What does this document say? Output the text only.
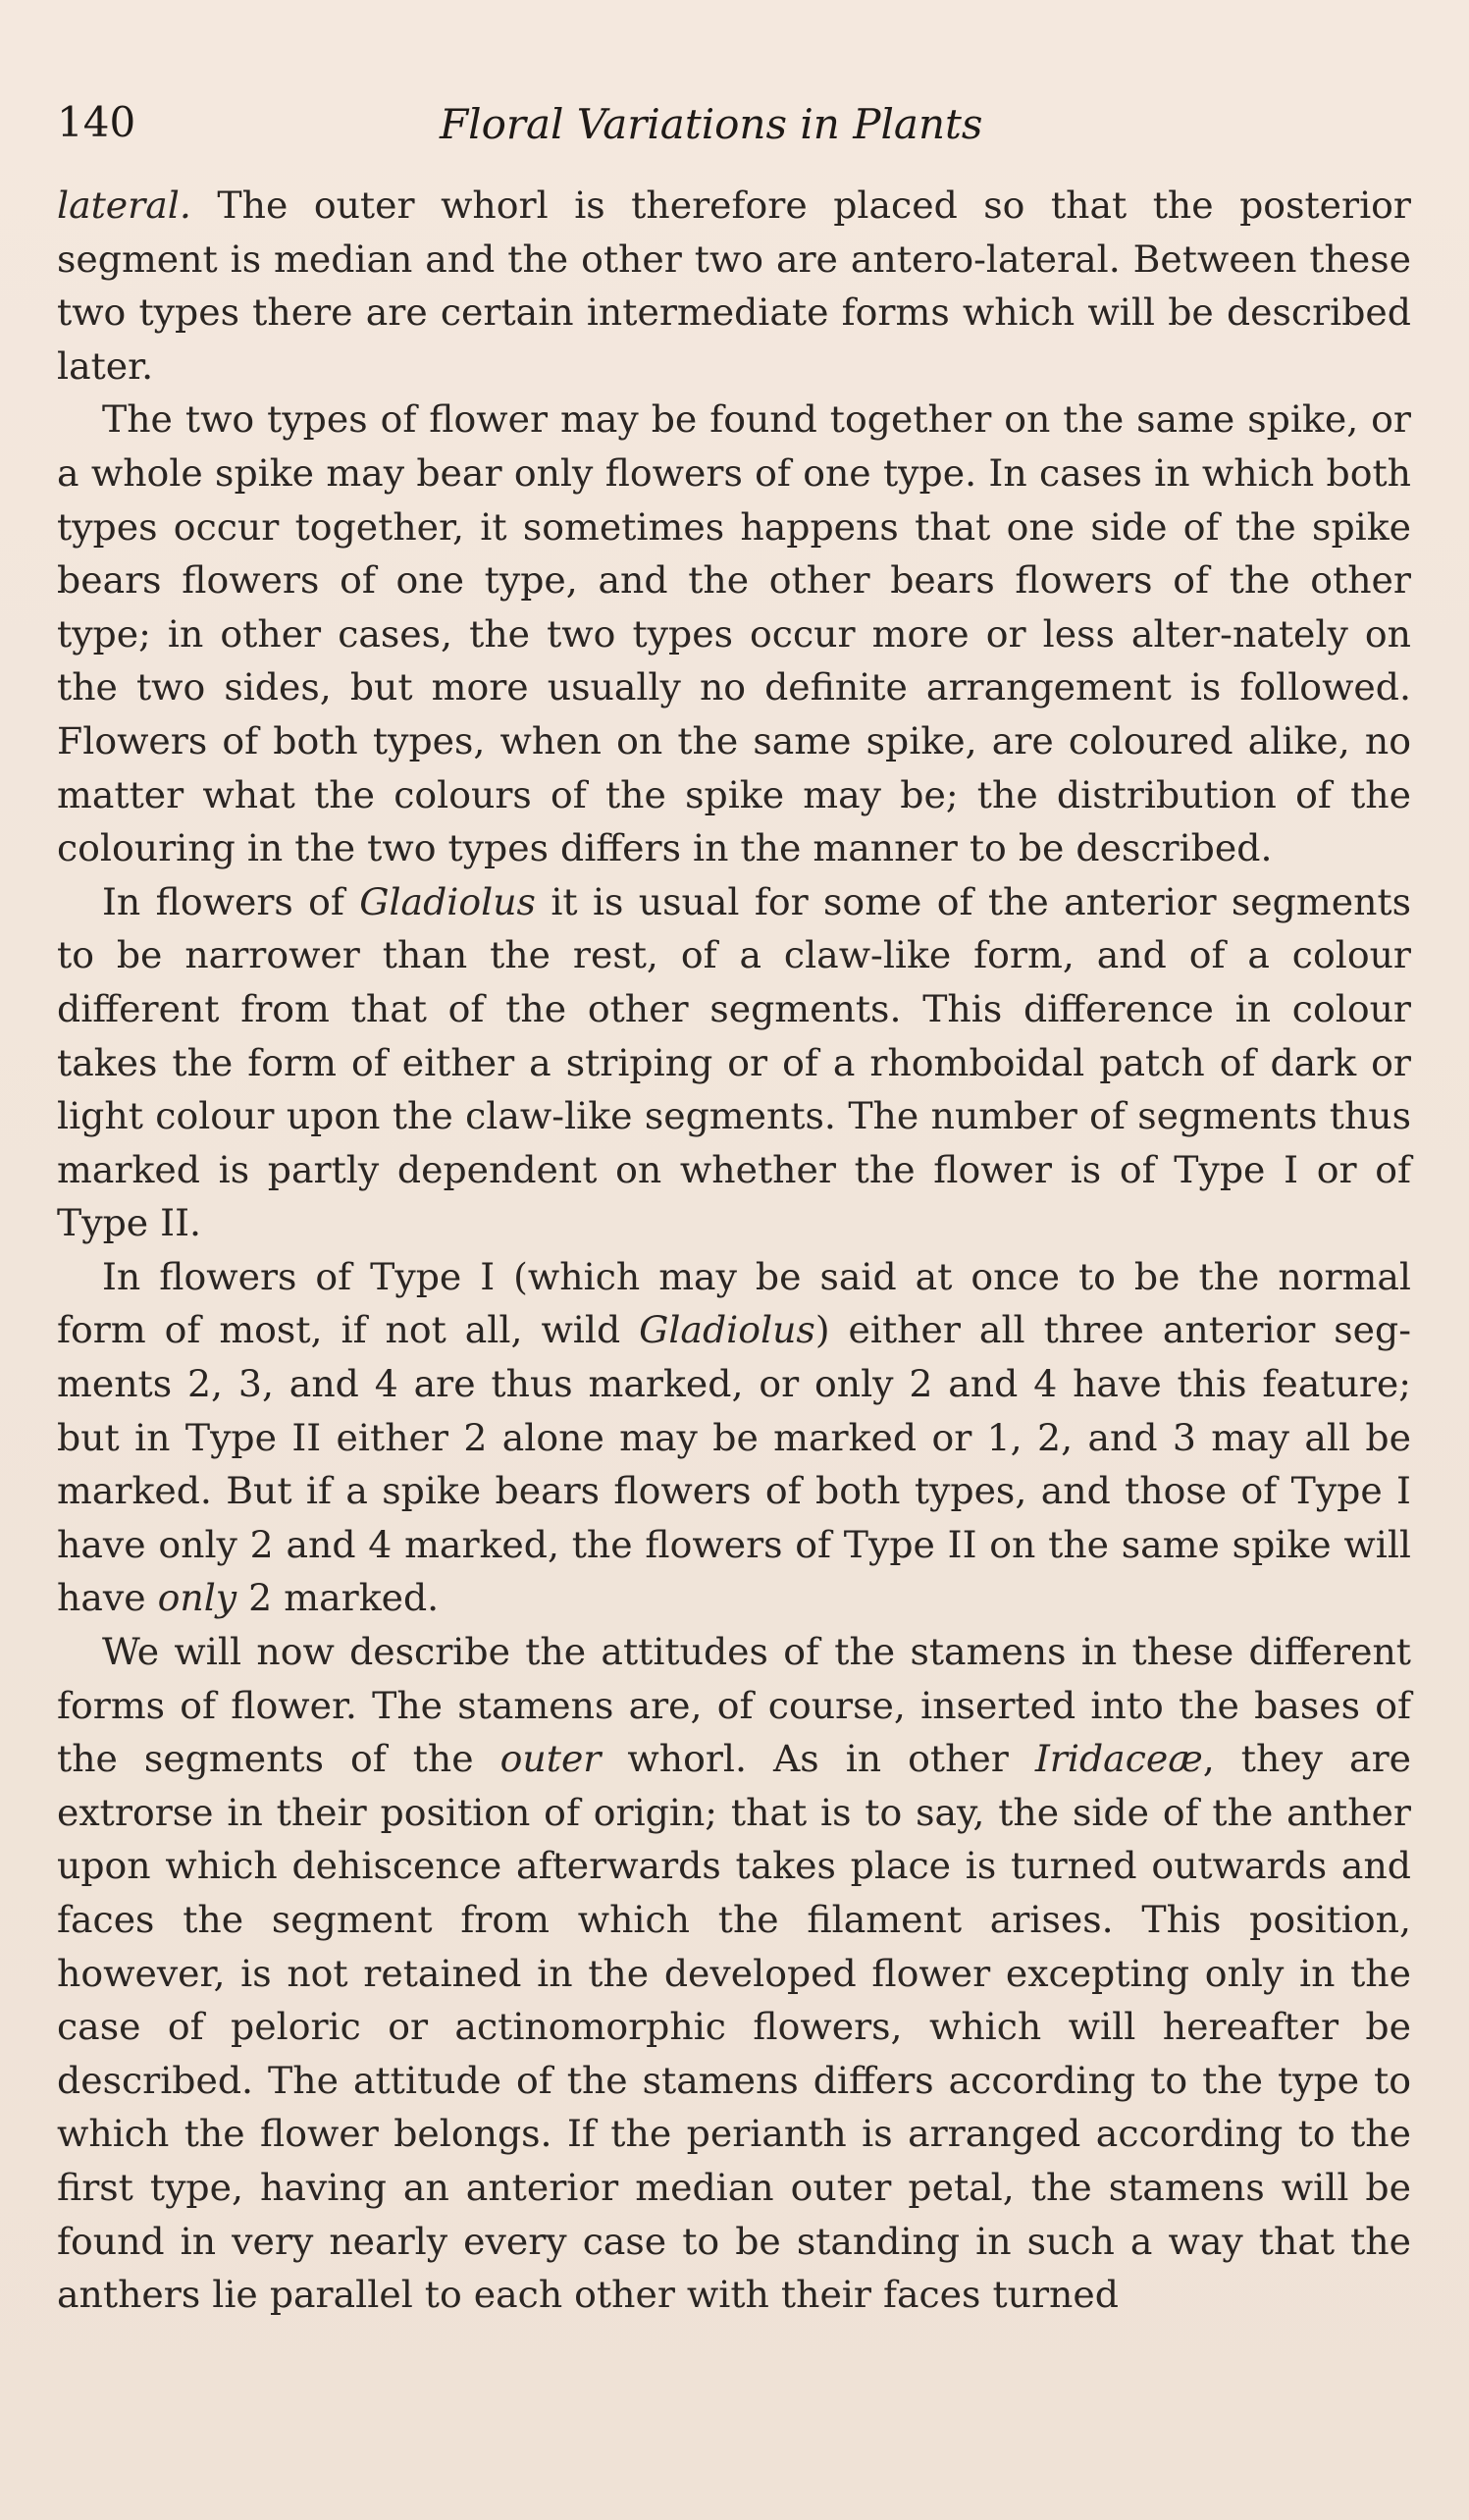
140	Floral Variations in Plants

lateral. The outer whorl is therefore placed so that the posterior segment is median and the other two are antero-lateral. Between these two types there are certain intermediate forms which will be described later.

The two types of flower may be found together on the same spike, or a whole spike may bear only flowers of one type. In cases in which both types occur together, it sometimes happens that one side of the spike bears flowers of one type, and the other bears flowers of the other type; in other cases, the two types occur more or less alter-nately on the two sides, but more usually no definite arrangement is followed. Flowers of both types, when on the same spike, are coloured alike, no matter what the colours of the spike may be; the distribution of the colouring in the two types differs in the manner to be described.

In flowers of Gladiolus it is usual for some of the anterior segments to be narrower than the rest, of a claw-like form, and of a colour different from that of the other segments. This difference in colour takes the form of either a striping or of a rhomboidal patch of dark or light colour upon the claw-like segments. The number of segments thus marked is partly dependent on whether the flower is of Type I or of Type II.

In flowers of Type I (which may be said at once to be the normal form of most, if not all, wild Gladiolus) either all three anterior seg-ments 2, 3, and 4 are thus marked, or only 2 and 4 have this feature; but in Type II either 2 alone may be marked or 1, 2, and 3 may all be marked. But if a spike bears flowers of both types, and those of Type I have only 2 and 4 marked, the flowers of Type II on the same spike will have only 2 marked.

We will now describe the attitudes of the stamens in these different forms of flower. The stamens are, of course, inserted into the bases of the segments of the outer whorl. As in other Iridaceæ, they are extrorse in their position of origin; that is to say, the side of the anther upon which dehiscence afterwards takes place is turned outwards and faces the segment from which the filament arises. This position, however, is not retained in the developed flower excepting only in the case of peloric or actinomorphic flowers, which will hereafter be described. The attitude of the stamens differs according to the type to which the flower belongs. If the perianth is arranged according to the first type, having an anterior median outer petal, the stamens will be found in very nearly every case to be standing in such a way that the anthers lie parallel to each other with their faces turned
